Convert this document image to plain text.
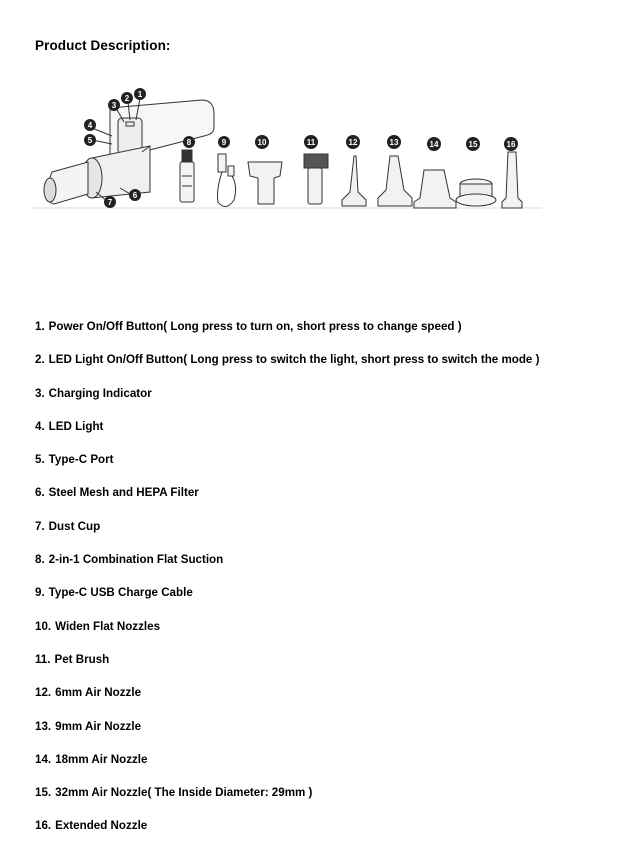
Product Description:
1
2
3
4
5
6
7
8	9	10	11	12	13	14	15	16
1. Power On/Off Button( Long press to turn on, short press to change speed )
2. LED Light On/Off Button( Long press to switch the light, short press to switch the mode )
3. Charging Indicator
4. LED Light
5. Type-C Port
6. Steel Mesh and HEPA Filter
7. Dust Cup
8. 2-in-1 Combination Flat Suction
9. Type-C USB Charge Cable
10. Widen Flat Nozzles
11. Pet Brush
12. 6mm Air Nozzle
13. 9mm Air Nozzle
14. 18mm Air Nozzle
15. 32mm Air Nozzle( The Inside Diameter: 29mm )
16. Extended Nozzle
